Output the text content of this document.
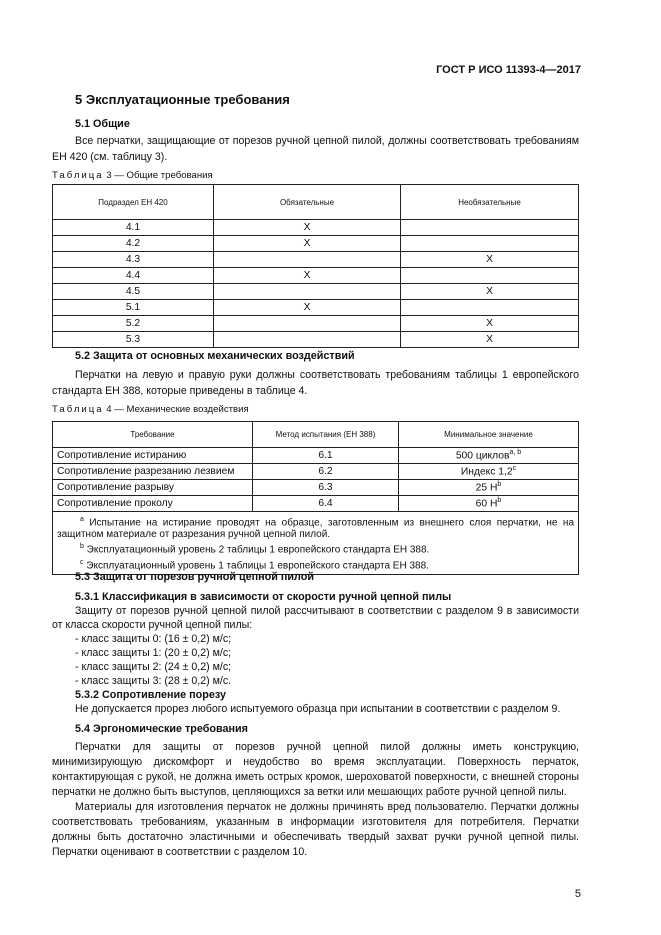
ГОСТ Р ИСО 11393-4—2017
5 Эксплуатационные требования
5.1 Общие
Все перчатки, защищающие от порезов ручной цепной пилой, должны соответствовать требованиям ЕН 420 (см. таблицу 3).
Таблица 3 — Общие требования
Подраздел ЕН 420	Обязательные	Необязательные
4.1	X	
4.2	X	
4.3		X
4.4	X	
4.5		X
5.1	X	
5.2		X
5.3		X
5.2 Защита от основных механических воздействий
Перчатки на левую и правую руки должны соответствовать требованиям таблицы 1 европейского стандарта ЕН 388, которые приведены в таблице 4.
Таблица 4 — Механические воздействия
Требование	Метод испытания (ЕН 388)	Минимальное значение
Сопротивление истиранию	6.1	500 циклов$^{a, b}$
Сопротивление разрезанию лезвием	6.2	Индекс 1,2$^c$
Сопротивление разрыву	6.3	25 $Н^b$
Сопротивление проколу	6.4	60 $Н^b$

$^a$ Испытание на истирание проводят на образце, заготовленным из внешнего слоя перчатки, не на защитном материале от разрезания ручной цепной пилой.
$^b$ Эксплуатационный уровень 2 таблицы 1 европейского стандарта ЕН 388.
$^c$ Эксплуатационный уровень 1 таблицы 1 европейского стандарта ЕН 388.		
5.3 Защита от порезов ручной цепной пилой
5.3.1 Классификация в зависимости от скорости ручной цепной пилы
Защиту от порезов ручной цепной пилой рассчитывают в соответствии с разделом 9 в зависимости от класса скорости ручной цепной пилы:
- класс защиты 0: (16 ± 0,2) м/с;
- класс защиты 1: (20 ± 0,2) м/с;
- класс защиты 2: (24 ± 0,2) м/с;
- класс защиты 3: (28 ± 0,2) м/с.
5.3.2 Сопротивление порезу
Не допускается прорез любого испытуемого образца при испытании в соответствии с разделом 9.
5.4 Эргономические требования
Перчатки для защиты от порезов ручной цепной пилой должны иметь конструкцию, минимизирующую дискомфорт и неудобство во время эксплуатации. Поверхность перчаток, контактирующая с рукой, не должна иметь острых кромок, шероховатой поверхности, с внешней стороны перчатки не должно быть выступов, цепляющихся за ветки или мешающих работе ручной цепной пилы.
Материалы для изготовления перчаток не должны причинять вред пользователю. Перчатки должны соответствовать требованиям, указанным в информации изготовителя для потребителя. Перчатки должны быть достаточно эластичными и обеспечивать твердый захват ручки ручной цепной пилы. Перчатки оценивают в соответствии с разделом 10.
5
